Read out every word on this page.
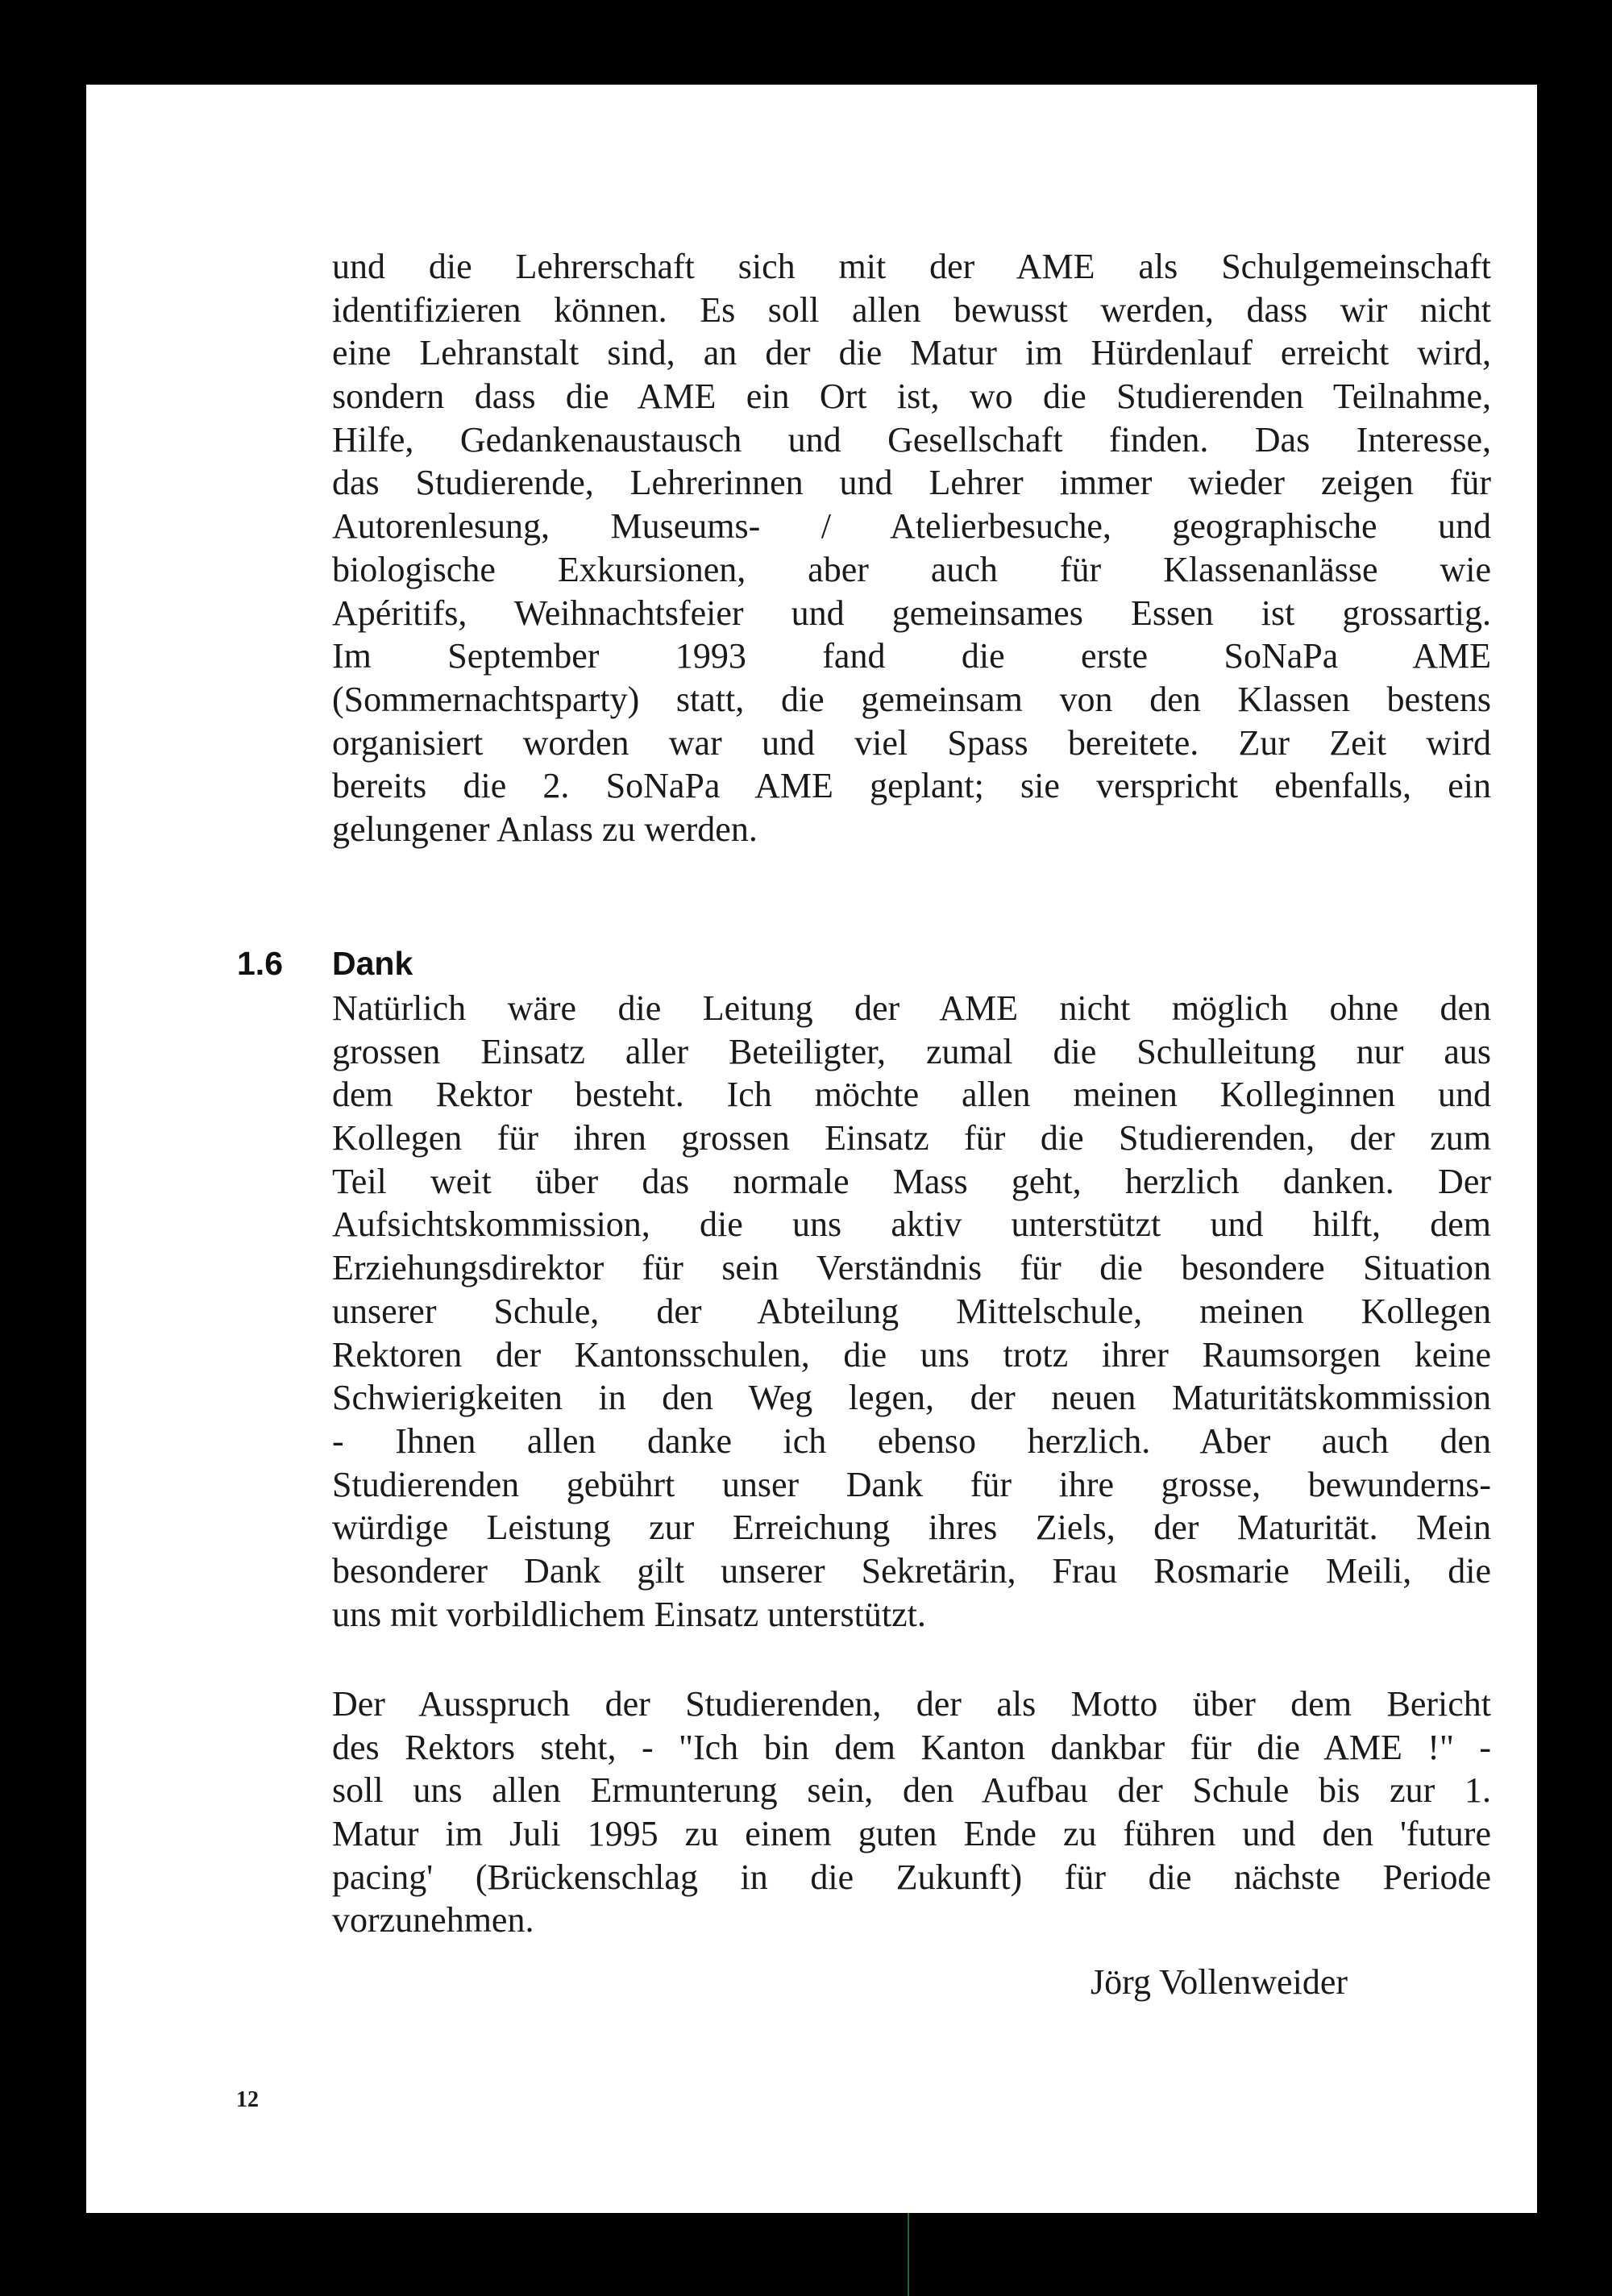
und die Lehrerschaft sich mit der AME als Schulgemeinschaft
identifizieren können. Es soll allen bewusst werden, dass wir nicht
eine Lehranstalt sind, an der die Matur im Hürdenlauf erreicht wird,
sondern dass die AME ein Ort ist, wo die Studierenden Teilnahme,
Hilfe, Gedankenaustausch und Gesellschaft finden. Das Interesse,
das Studierende, Lehrerinnen und Lehrer immer wieder zeigen für
Autorenlesung, Museums- / Atelierbesuche, geographische und
biologische Exkursionen, aber auch für Klassenanlässe wie
Apéritifs, Weihnachtsfeier und gemeinsames Essen ist grossartig.
Im September 1993 fand die erste SoNaPa AME
(Sommernachtsparty) statt, die gemeinsam von den Klassen bestens
organisiert worden war und viel Spass bereitete. Zur Zeit wird
bereits die 2. SoNaPa AME geplant; sie verspricht ebenfalls, ein
gelungener Anlass zu werden.
1.6 Dank
Natürlich wäre die Leitung der AME nicht möglich ohne den
grossen Einsatz aller Beteiligter, zumal die Schulleitung nur aus
dem Rektor besteht. Ich möchte allen meinen Kolleginnen und
Kollegen für ihren grossen Einsatz für die Studierenden, der zum
Teil weit über das normale Mass geht, herzlich danken. Der
Aufsichtskommission, die uns aktiv unterstützt und hilft, dem
Erziehungsdirektor für sein Verständnis für die besondere Situation
unserer Schule, der Abteilung Mittelschule, meinen Kollegen
Rektoren der Kantonsschulen, die uns trotz ihrer Raumsorgen keine
Schwierigkeiten in den Weg legen, der neuen Maturitätskommission
- Ihnen allen danke ich ebenso herzlich. Aber auch den
Studierenden gebührt unser Dank für ihre grosse, bewunderns-
würdige Leistung zur Erreichung ihres Ziels, der Maturität. Mein
besonderer Dank gilt unserer Sekretärin, Frau Rosmarie Meili, die
uns mit vorbildlichem Einsatz unterstützt.
Der Ausspruch der Studierenden, der als Motto über dem Bericht
des Rektors steht, - "Ich bin dem Kanton dankbar für die AME !" -
soll uns allen Ermunterung sein, den Aufbau der Schule bis zur 1.
Matur im Juli 1995 zu einem guten Ende zu führen und den 'future
pacing' (Brückenschlag in die Zukunft) für die nächste Periode
vorzunehmen.
Jörg Vollenweider
12
